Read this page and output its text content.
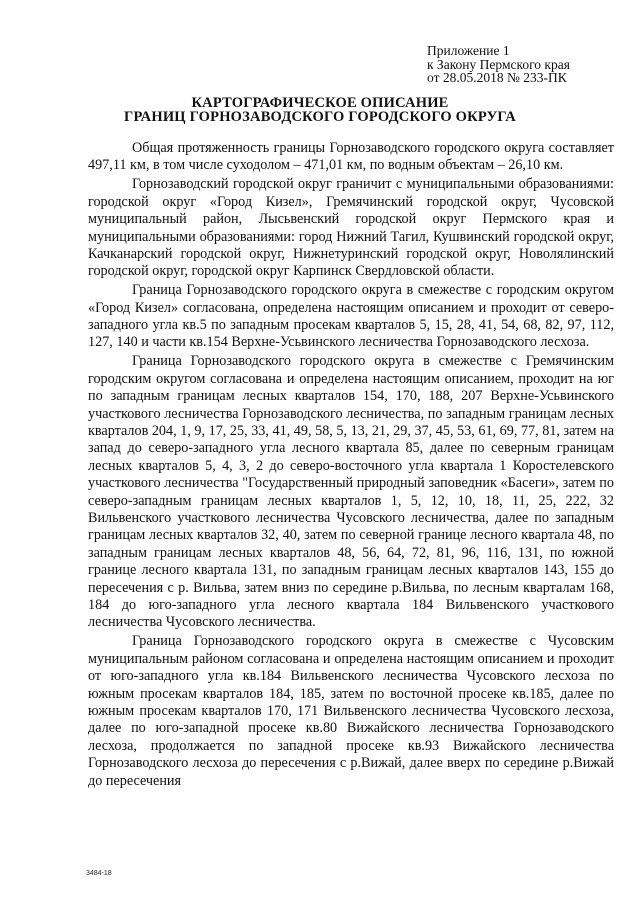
Приложение 1
к Закону Пермского края
от 28.05.2018 № 233-ПК
КАРТОГРАФИЧЕСКОЕ ОПИСАНИЕ
ГРАНИЦ ГОРНОЗАВОДСКОГО ГОРОДСКОГО ОКРУГА

Общая протяженность границы Горнозаводского городского округа составляет 497,11 км, в том числе суходолом – 471,01 км, по водным объектам – 26,10 км.

Горнозаводский городской округ граничит с муниципальными образованиями: городской округ «Город Кизел», Гремячинский городской округ, Чусовской муниципальный район, Лысьвенский городской округ Пермского края и муниципальными образованиями: город Нижний Тагил, Кушвинский городской округ, Качканарский городской округ, Нижнетуринский городской округ, Новолялинский городской округ, городской округ Карпинск Свердловской области.

Граница Горнозаводского городского округа в смежестве с городским округом «Город Кизел» согласована, определена настоящим описанием и проходит от северо-западного угла кв.5 по западным просекам кварталов 5, 15, 28, 41, 54, 68, 82, 97, 112, 127, 140 и части кв.154 Верхне-Усьвинского лесничества Горнозаводского лесхоза.

Граница Горнозаводского городского округа в смежестве с Гремячинским городским округом согласована и определена настоящим описанием, проходит на юг по западным границам лесных кварталов 154, 170, 188, 207 Верхне-Усьвинского участкового лесничества Горнозаводского лесничества, по западным границам лесных кварталов 204, 1, 9, 17, 25, 33, 41, 49, 58, 5, 13, 21, 29, 37, 45, 53, 61, 69, 77, 81, затем на запад до северо-западного угла лесного квартала 85, далее по северным границам лесных кварталов 5, 4, 3, 2 до северо-восточного угла квартала 1 Коростелевского участкового лесничества "Государственный природный заповедник «Басеги», затем по северо-западным границам лесных кварталов 1, 5, 12, 10, 18, 11, 25, 222, 32 Вильвенского участкового лесничества Чусовского лесничества, далее по западным границам лесных кварталов 32, 40, затем по северной границе лесного квартала 48, по западным границам лесных кварталов 48, 56, 64, 72, 81, 96, 116, 131, по южной границе лесного квартала 131, по западным границам лесных кварталов 143, 155 до пересечения с р. Вильва, затем вниз по середине р.Вильва, по лесным кварталам 168, 184 до юго-западного угла лесного квартала 184 Вильвенского участкового лесничества Чусовского лесничества.

Граница Горнозаводского городского округа в смежестве с Чусовским муниципальным районом согласована и определена настоящим описанием и проходит от юго-западного угла кв.184 Вильвенского лесничества Чусовского лесхоза по южным просекам кварталов 184, 185, затем по восточной просеке кв.185, далее по южным просекам кварталов 170, 171 Вильвенского лесничества Чусовского лесхоза, далее по юго-западной просеке кв.80 Вижайского лесничества Горнозаводского лесхоза, продолжается по западной просеке кв.93 Вижайского лесничества Горнозаводского лесхоза до пересечения с р.Вижай, далее вверх по середине р.Вижай до пересечения

3484-18
